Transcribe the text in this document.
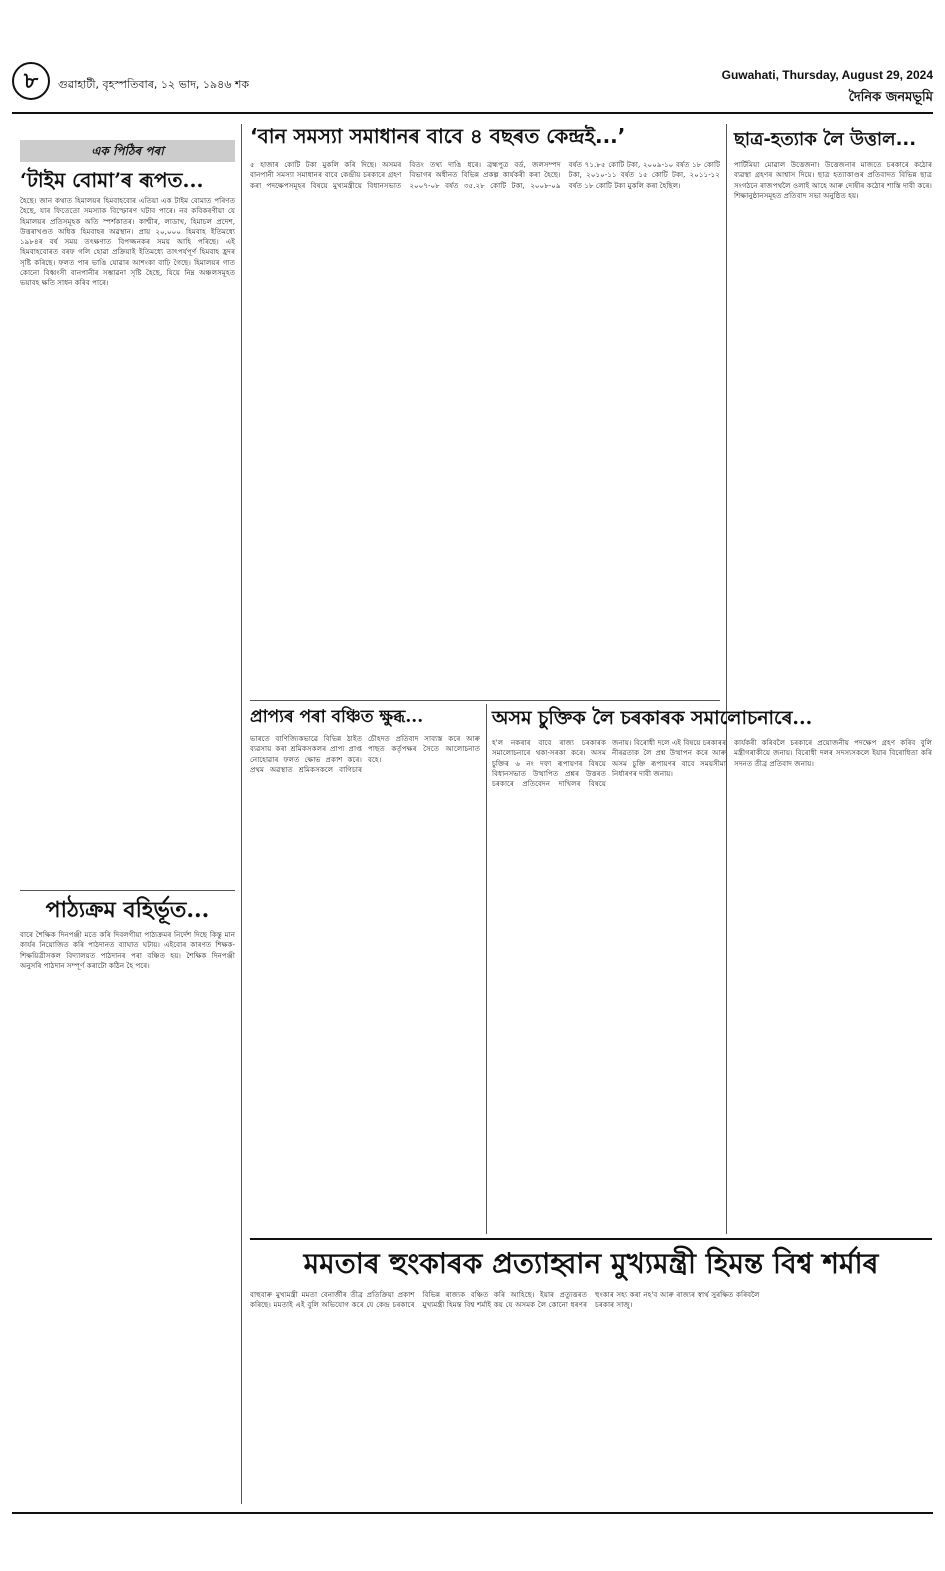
৮	গুৱাহাটী, বৃহস্পতিবাৰ, ১২ ভাদ, ১৯৪৬ শক
Guwahati, Thursday, August 29, 2024
দৈনিক জনমভূমি
এক পিঠিৰ পৰা
‘টাইম বোমা’ৰ ৰূপত...
হৈছে। জান কথাত হিমালয়ৰ হিমবাহবোৰ এতিয়া এক টাইম বোমাত পৰিণত হৈছে, যাৰ ফিতেতো সমস্যাক বিস্ফোৰণ ঘটাব পাৰে। নব কবিকৰণীয়া যে হিমালয়ৰ প্ৰতিসমূহক অতি স্পৰ্শকাতৰ। কাশ্মীৰ, লাডাখ, হিমাচল প্ৰদেশ, উত্তৰাখণ্ডত অধিক হিমবাহৰ অৱস্থান। প্ৰায় ২০,০০০ হিমবাহ ইতিমধ্যে ১৯৮৪ৰ বৰ্ষ সময় তৎক্ষণাত বিপজ্জনকৰ সময় আহি পৰিছে। এই হিমবাহবোৰত বৰফ গলি হোৱা প্ৰক্ৰিয়াই ইতিমধ্যে তাৎপৰ্যপূৰ্ণ হিমবাহ হ্ৰদৰ সৃষ্টি কৰিছে। ফলত পাৰ ভাঙি যোৱাৰ আশংকা বাঢ়ি গৈছে। হিমালয়ৰ গাত কোনো বিধ্বংসী বানপানীৰ সম্ভাৱনা সৃষ্টি হৈছে, যিয়ে নিম্ন অঞ্চলসমূহত ভয়াবহ ক্ষতি সাধন কৰিব পাৰে।
পাঠ্যক্ৰম বহিৰ্ভূত...
বাৰে শৈক্ষিক দিনপঞ্জী মতে কৰি দিবলগীয়া পাঠ্যক্ৰমৰ নিৰ্দেশ দিছে কিন্তু মান কাৰ্যৰ নিয়োজিত কৰি পাঠদানত ব্যাঘাত ঘটায়। এইবোৰ কাৰণত শিক্ষক-শিক্ষয়িত্ৰীসকল বিদ্যালয়ত পাঠদানৰ পৰা বঞ্চিত হয়। শৈক্ষিক দিনপঞ্জী অনুসৰি পাঠদান সম্পূৰ্ণ কৰাটো কঠিন হৈ পৰে।
‘বান সমস্যা সমাধানৰ বাবে ৪ বছৰত কেন্দ্ৰই...’
৫ হাজাৰ কোটি টকা মুকলি কৰি দিছে। অসমৰ বানপানী সমস্যা সমাধানৰ বাবে কেন্দ্ৰীয় চৰকাৰে গ্ৰহণ কৰা পদক্ষেপসমূহৰ বিষয়ে মুখ্যমন্ত্ৰীয়ে বিধানসভাত বিতং তথ্য দাঙি ধৰে। ব্ৰহ্মপুত্ৰ বৰ্ড, জলসম্পদ বিভাগৰ অধীনত বিভিন্ন প্ৰকল্প কাৰ্যকৰী কৰা হৈছে। ২০০৭-০৮ বৰ্ষত ৩৫.২৮ কোটি টকা, ২০০৮-০৯ বৰ্ষত ৭১.৮৫ কোটি টকা, ২০০৯-১০ বৰ্ষত ১৮ কোটি টকা, ২০১০-১১ বৰ্ষত ১৫ কোটি টকা, ২০১১-১২ বৰ্ষত ১৮ কোটি টকা মুকলি কৰা হৈছিল।
ছাত্ৰ-হত্যাক লৈ উত্তাল...
পাৰ্টিমিয়া মোৱাল উত্তেজনা। উত্তেজনাৰ মাজতে চৰকাৰে কঠোৰ ব্যৱস্থা গ্ৰহণৰ আশ্বাস দিয়ে। ছাত্ৰ হত্যাকাণ্ডৰ প্ৰতিবাদত বিভিন্ন ছাত্ৰ সংগঠনে ৰাজপথলৈ ওলাই আহে আৰু দোষীৰ কঠোৰ শাস্তি দাবী কৰে। শিক্ষানুষ্ঠানসমূহত প্ৰতিবাদ সভা অনুষ্ঠিত হয়।
প্ৰাপ্যৰ পৰা বঞ্চিত ক্ষুব্ধ...
ভাৰতে বাণিজ্যিকভাৱে বিভিন্ন ঠাইত ব্যৱসায় কৰা শ্ৰমিকসকলৰ প্ৰাপ্য প্ৰাপ্ত নোহোৱাৰ ফলত ক্ষোভ প্ৰকাশ কৰে। প্ৰথম অৱস্থাত শ্ৰমিকসকলে বাগিচাৰ চৌহদত প্ৰতিবাদ সাব্যস্ত কৰে আৰু পাছত কৰ্তৃপক্ষৰ সৈতে আলোচনাত বহে।
অসম চুক্তিক লৈ চৰকাৰক সমালোচনাৰে...
হ'ল নকৰাৰ বাবে ৰাজ্য চৰকাৰক সমালোচনাৰে থকা-সৰকা কৰে। অসম চুক্তিৰ ৬ নং দফা ৰূপায়ণৰ বিষয়ে বিধানসভাত উত্থাপিত প্ৰশ্নৰ উত্তৰত চৰকাৰে প্ৰতিবেদন দাখিলৰ বিষয়ে জনায়। বিৰোধী দলে এই বিষয়ে চৰকাৰৰ নীৰৱতাক লৈ প্ৰশ্ন উত্থাপন কৰে আৰু অসম চুক্তি ৰূপায়ণৰ বাবে সময়সীমা নিৰ্ধাৰণৰ দাবী জনায়।
কাৰ্যকৰী কৰিবলৈ চৰকাৰে প্ৰয়োজনীয় পদক্ষেপ গ্ৰহণ কৰিব বুলি মন্ত্ৰীগৰাকীয়ে জনায়। বিৰোধী দলৰ সদস্যসকলে ইয়াৰ বিৰোধিতা কৰি সদনত তীব্ৰ প্ৰতিবাদ জনায়।
মমতাৰ হুংকাৰক প্ৰত্যাহ্বান মুখ্যমন্ত্ৰী হিমন্ত বিশ্ব শৰ্মাৰ
বাহুবাৰু মুখ্যমন্ত্ৰী মমতা বেনাৰ্জীৰ তীব্ৰ প্ৰতিক্ৰিয়া প্ৰকাশ কৰিছে। মমতাই এই বুলি অভিযোগ কৰে যে কেন্দ্ৰ চৰকাৰে বিভিন্ন ৰাজ্যক বঞ্চিত কৰি আহিছে। ইয়াৰ প্ৰত্যুত্তৰত মুখ্যমন্ত্ৰী হিমন্ত বিশ্ব শৰ্মাই কয় যে অসমক লৈ কোনো ধৰণৰ হুংকাৰ সহ্য কৰা নহ'ব আৰু ৰাজ্যৰ স্বাৰ্থ সুৰক্ষিত কৰিবলৈ চৰকাৰ সাজু।
